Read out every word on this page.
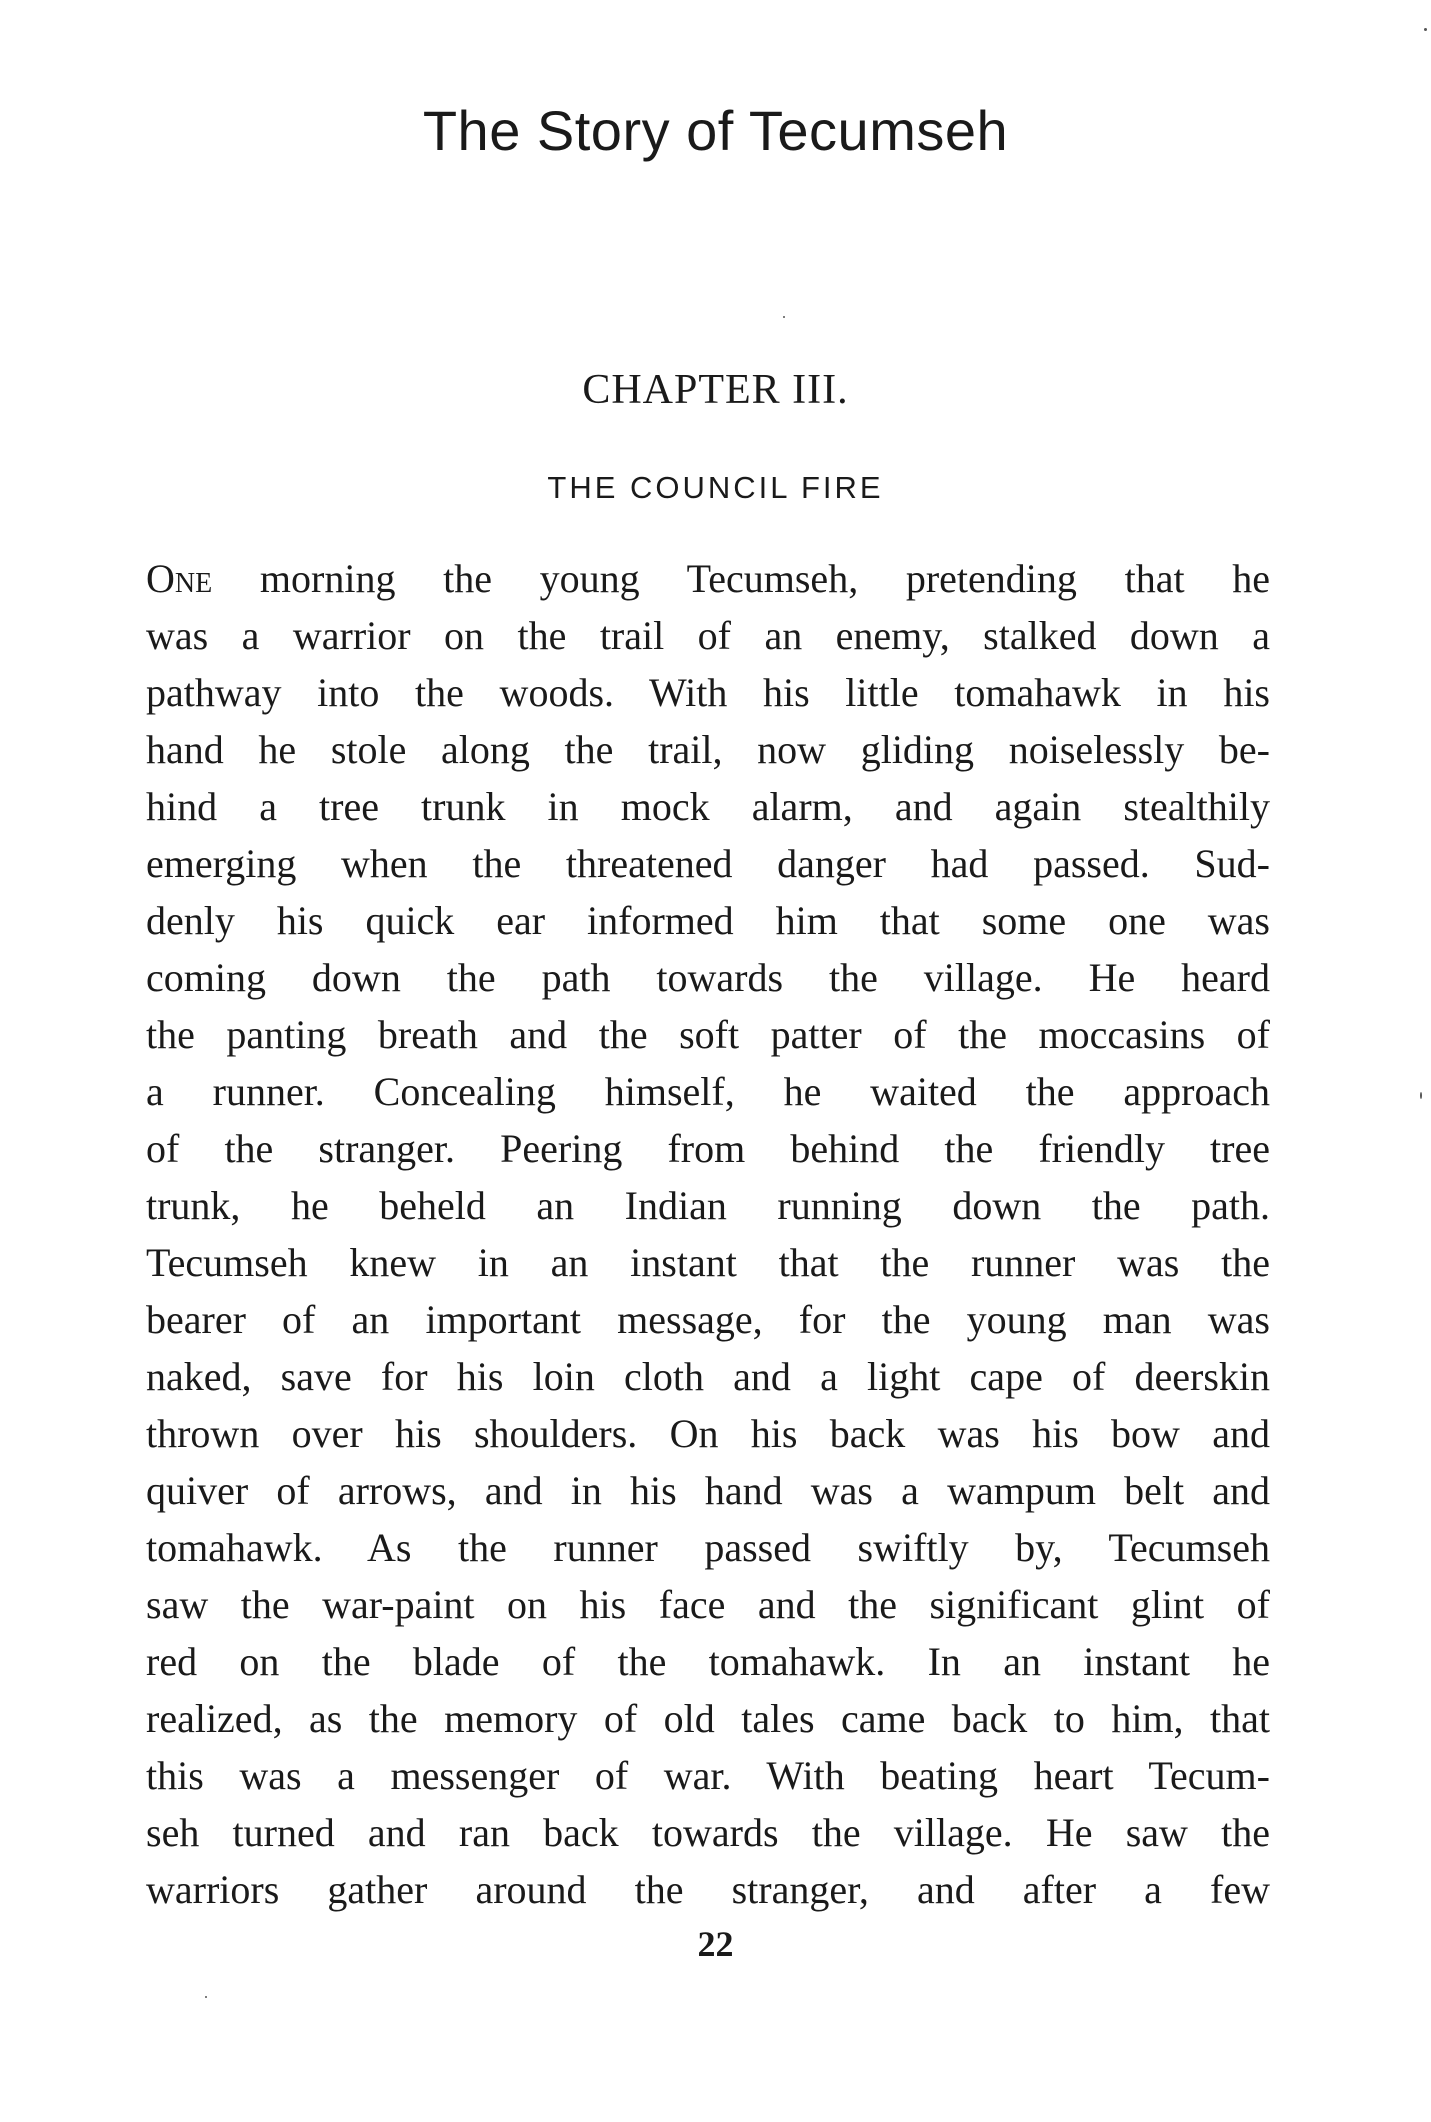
The Story of Tecumseh
CHAPTER III.
THE COUNCIL FIRE
One morning the young Tecumseh, pretending that he
was a warrior on the trail of an enemy, stalked down a
pathway into the woods. With his little tomahawk in his
hand he stole along the trail, now gliding noiselessly be-
hind a tree trunk in mock alarm, and again stealthily
emerging when the threatened danger had passed. Sud-
denly his quick ear informed him that some one was
coming down the path towards the village. He heard
the panting breath and the soft patter of the moccasins of
a runner. Concealing himself, he waited the approach
of the stranger. Peering from behind the friendly tree
trunk, he beheld an Indian running down the path.
Tecumseh knew in an instant that the runner was the
bearer of an important message, for the young man was
naked, save for his loin cloth and a light cape of deerskin
thrown over his shoulders. On his back was his bow and
quiver of arrows, and in his hand was a wampum belt and
tomahawk. As the runner passed swiftly by, Tecumseh
saw the war-paint on his face and the significant glint of
red on the blade of the tomahawk. In an instant he
realized, as the memory of old tales came back to him, that
this was a messenger of war. With beating heart Tecum-
seh turned and ran back towards the village. He saw the
warriors gather around the stranger, and after a few
22
